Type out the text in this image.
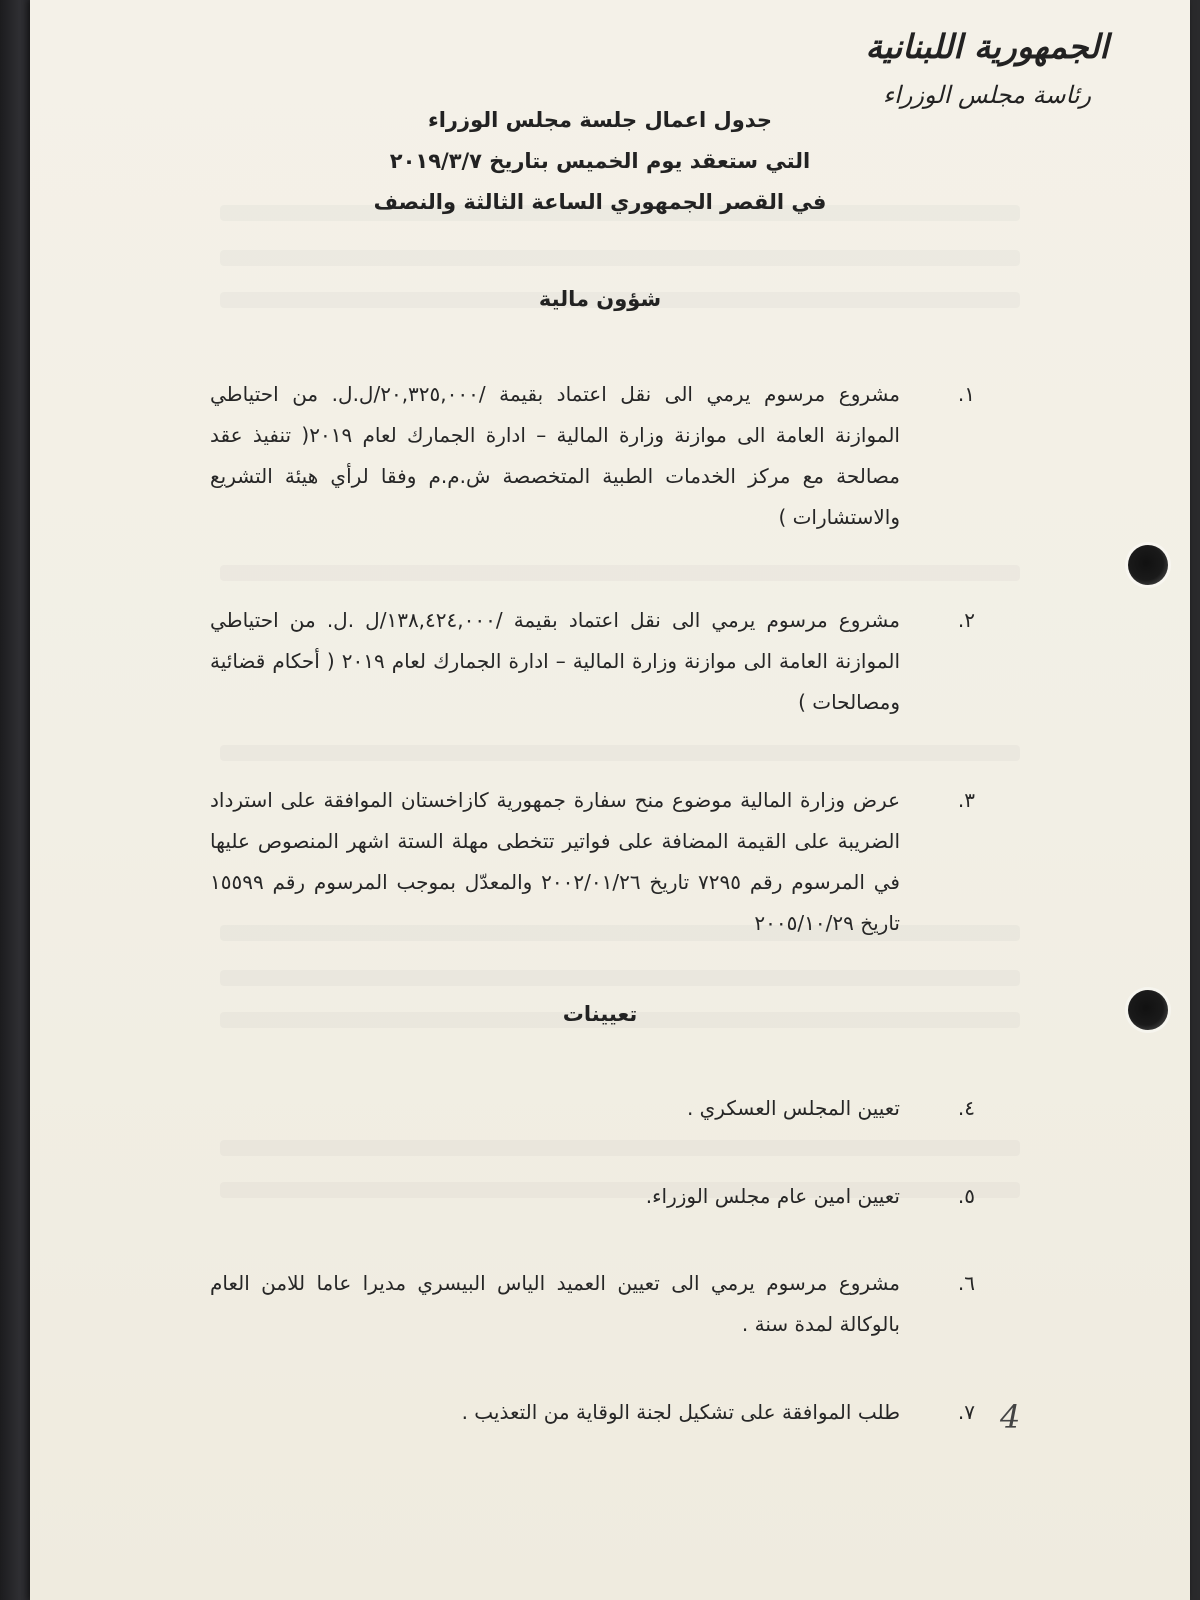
الجمهورية اللبنانية
رئاسة مجلس الوزراء
جدول اعمال جلسة مجلس الوزراء
التي ستعقد يوم الخميس بتاريخ ٢٠١٩/٣/٧
في القصر الجمهوري الساعة الثالثة والنصف
شؤون مالية
١.
مشروع مرسوم يرمي الى نقل اعتماد بقيمة /٢٠,٣٢٥,٠٠٠/ل.ل. من احتياطي الموازنة العامة الى موازنة وزارة المالية – ادارة الجمارك لعام ٢٠١٩( تنفيذ عقد مصالحة مع مركز الخدمات الطبية المتخصصة ش.م.م وفقا لرأي هيئة التشريع والاستشارات )
٢.
مشروع مرسوم يرمي الى نقل اعتماد بقيمة /١٣٨,٤٢٤,٠٠٠/ل .ل. من احتياطي الموازنة العامة الى موازنة وزارة المالية – ادارة الجمارك لعام ٢٠١٩ ( أحكام قضائية ومصالحات )
٣.
عرض وزارة المالية موضوع منح سفارة جمهورية كازاخستان الموافقة على استرداد الضريبة على القيمة المضافة على فواتير تتخطى مهلة الستة اشهر المنصوص عليها في المرسوم رقم ٧٢٩٥ تاريخ ٢٠٠٢/٠١/٢٦ والمعدّل بموجب المرسوم رقم ١٥٥٩٩ تاريخ ٢٠٠٥/١٠/٢٩
تعيينات
٤.
تعيين المجلس العسكري .
٥.
تعيين امين عام مجلس الوزراء.
٦.
مشروع مرسوم يرمي الى تعيين العميد الياس البيسري مديرا عاما للامن العام بالوكالة لمدة سنة .
٧.
طلب الموافقة على تشكيل لجنة الوقاية من التعذيب .	4
